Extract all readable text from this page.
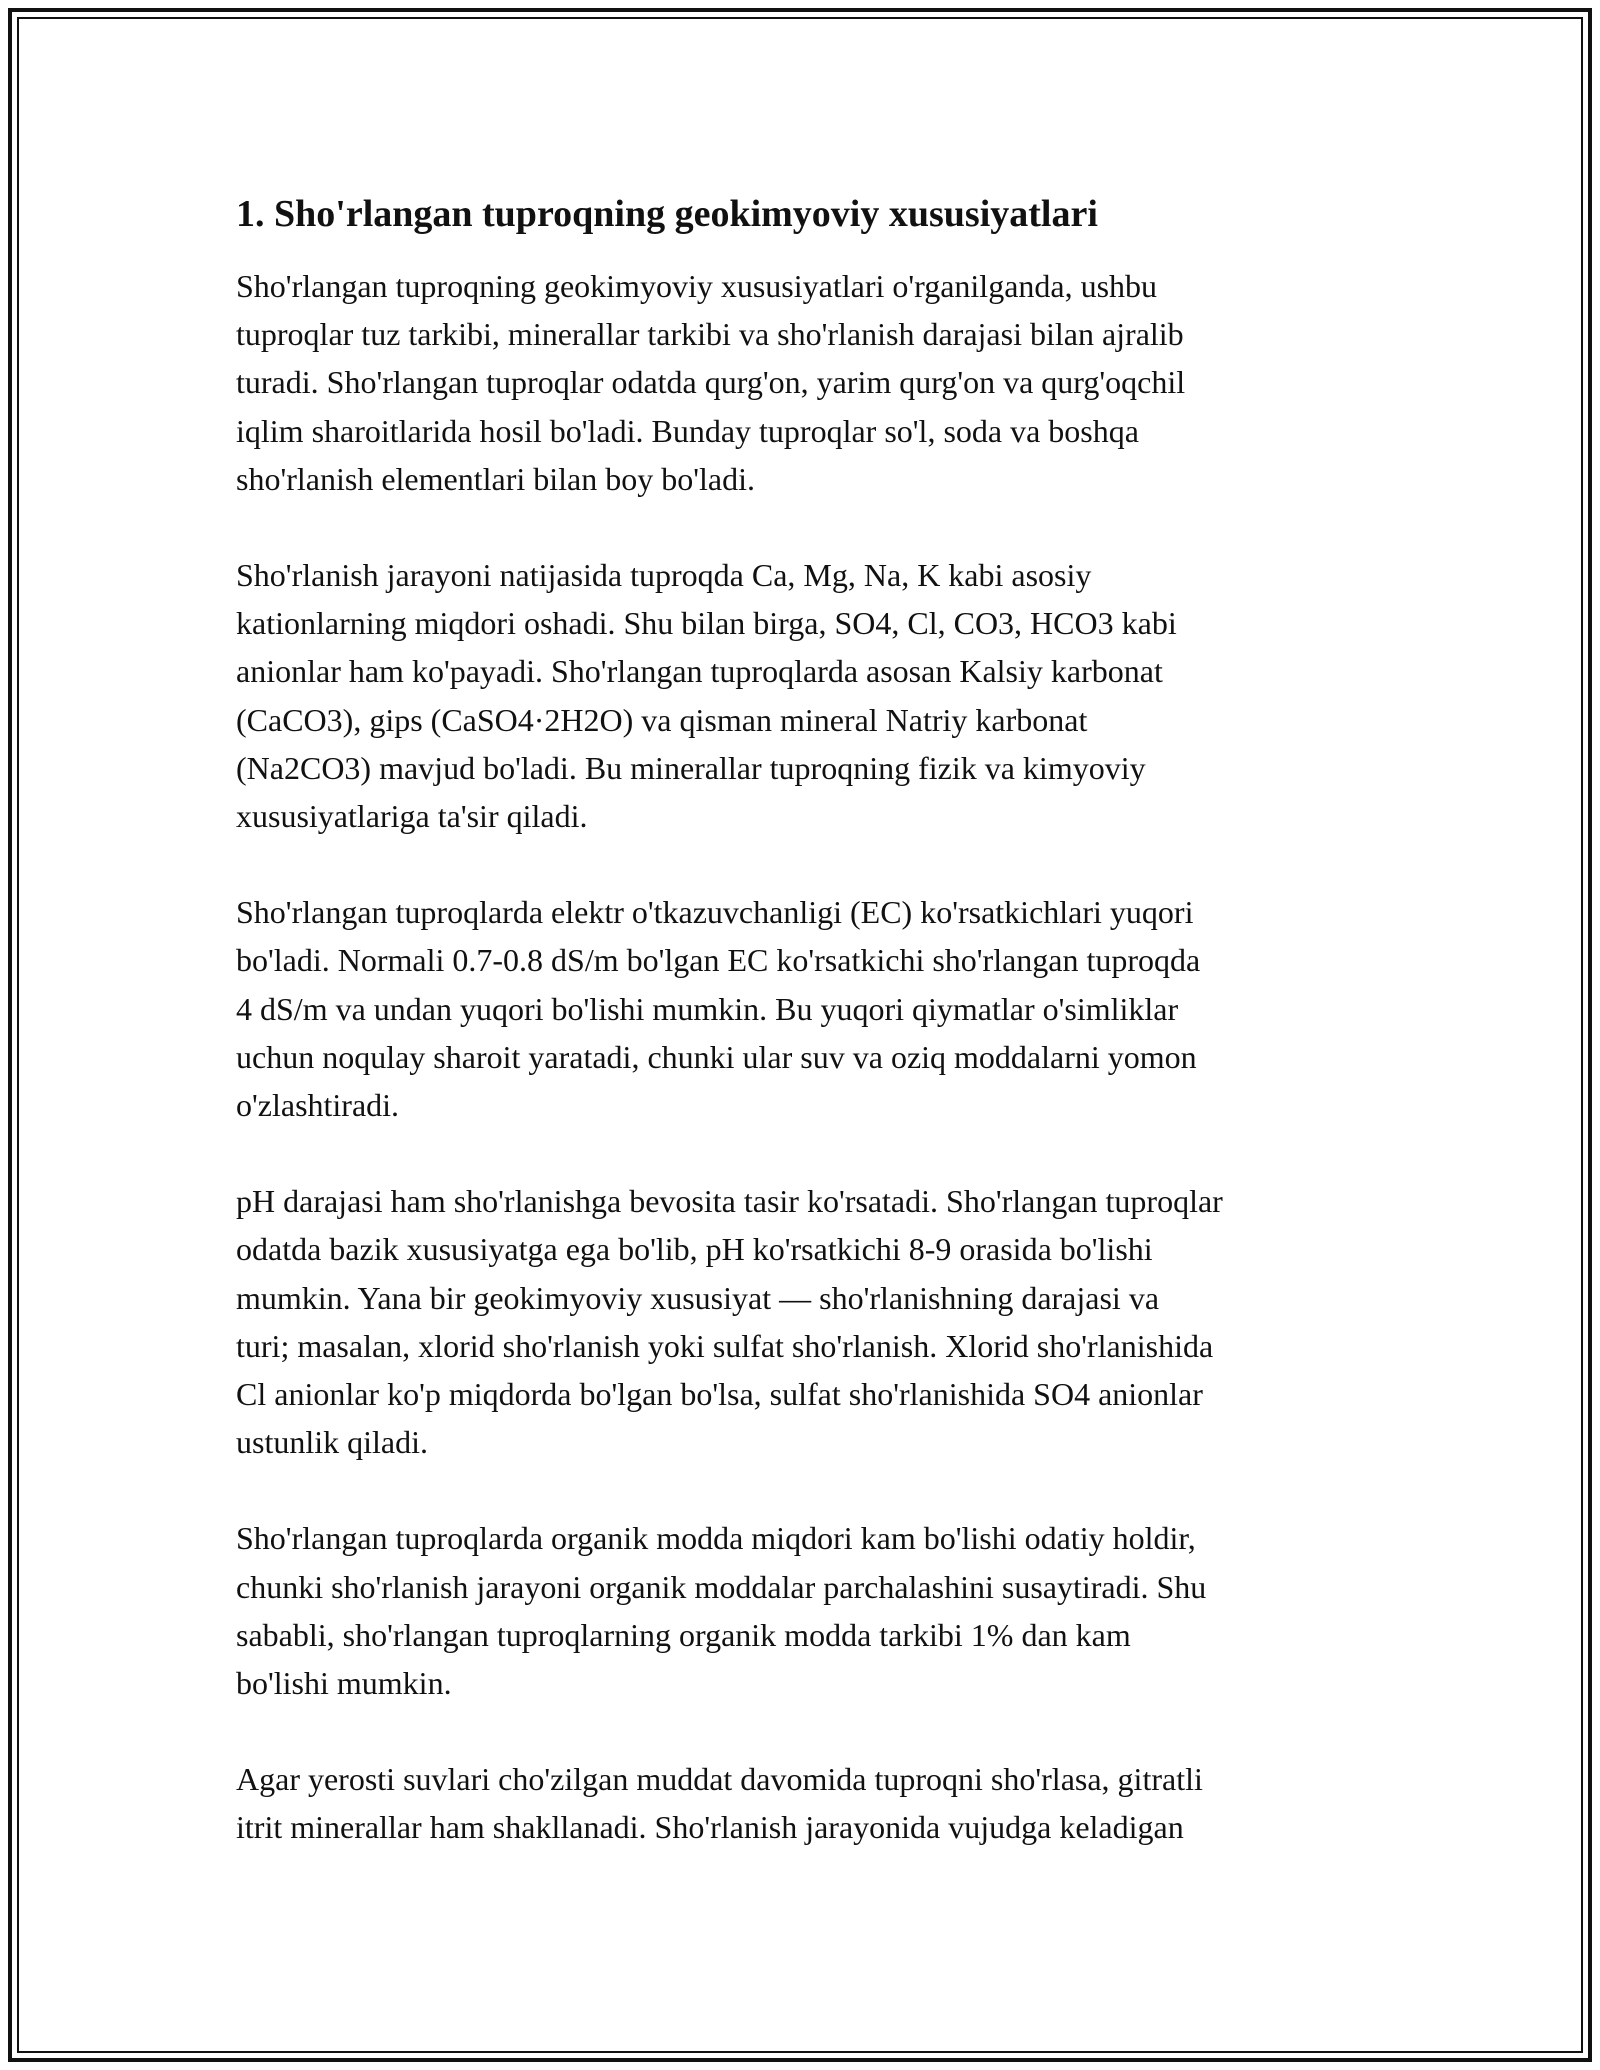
1. Sho'rlangan tuproqning geokimyoviy xususiyatlari

Sho'rlangan tuproqning geokimyoviy xususiyatlari o'rganilganda, ushbu
tuproqlar tuz tarkibi, minerallar tarkibi va sho'rlanish darajasi bilan ajralib
turadi. Sho'rlangan tuproqlar odatda qurg'on, yarim qurg'on va qurg'oqchil
iqlim sharoitlarida hosil bo'ladi. Bunday tuproqlar so'l, soda va boshqa
sho'rlanish elementlari bilan boy bo'ladi.

Sho'rlanish jarayoni natijasida tuproqda Ca, Mg, Na, K kabi asosiy
kationlarning miqdori oshadi. Shu bilan birga, SO4, Cl, CO3, HCO3 kabi
anionlar ham ko'payadi. Sho'rlangan tuproqlarda asosan Kalsiy karbonat
(CaCO3), gips (CaSO4·2H2O) va qisman mineral Natriy karbonat
(Na2CO3) mavjud bo'ladi. Bu minerallar tuproqning fizik va kimyoviy
xususiyatlariga ta'sir qiladi.

Sho'rlangan tuproqlarda elektr o'tkazuvchanligi (EC) ko'rsatkichlari yuqori
bo'ladi. Normali 0.7-0.8 dS/m bo'lgan EC ko'rsatkichi sho'rlangan tuproqda
4 dS/m va undan yuqori bo'lishi mumkin. Bu yuqori qiymatlar o'simliklar
uchun noqulay sharoit yaratadi, chunki ular suv va oziq moddalarni yomon
o'zlashtiradi.

pH darajasi ham sho'rlanishga bevosita tasir ko'rsatadi. Sho'rlangan tuproqlar
odatda bazik xususiyatga ega bo'lib, pH ko'rsatkichi 8-9 orasida bo'lishi
mumkin. Yana bir geokimyoviy xususiyat — sho'rlanishning darajasi va
turi; masalan, xlorid sho'rlanish yoki sulfat sho'rlanish. Xlorid sho'rlanishida
Cl anionlar ko'p miqdorda bo'lgan bo'lsa, sulfat sho'rlanishida SO4 anionlar
ustunlik qiladi.

Sho'rlangan tuproqlarda organik modda miqdori kam bo'lishi odatiy holdir,
chunki sho'rlanish jarayoni organik moddalar parchalashini susaytiradi. Shu
sababli, sho'rlangan tuproqlarning organik modda tarkibi 1% dan kam
bo'lishi mumkin.

Agar yerosti suvlari cho'zilgan muddat davomida tuproqni sho'rlasa, gitratli
itrit minerallar ham shakllanadi. Sho'rlanish jarayonida vujudga keladigan
